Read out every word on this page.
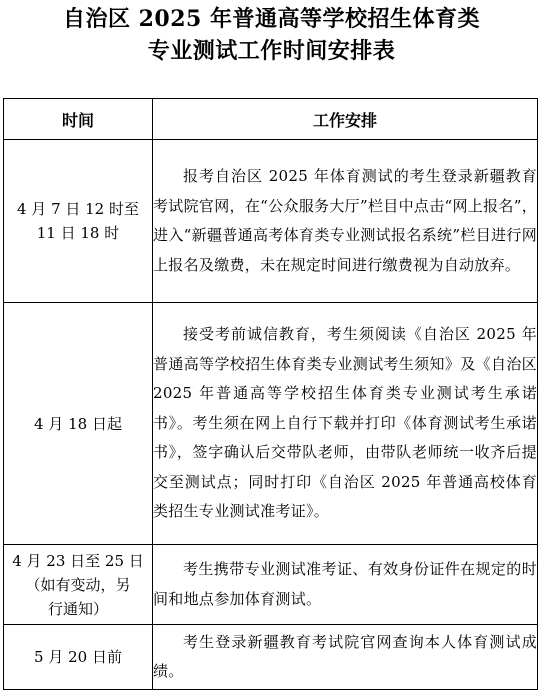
自治区 2025 年普通高等学校招生体育类
专业测试工作时间安排表
时间	工作安排

4 月 7 日 12 时至
11 日 18 时	报考自治区 2025 年体育测试的考生登录新疆教育考试院官网，在“公众服务大厅”栏目中点击“网上报名”，进入“新疆普通高考体育类专业测试报名系统”栏目进行网上报名及缴费，未在规定时间进行缴费视为自动放弃。

4 月 18 日起	接受考前诚信教育，考生须阅读《自治区 2025 年普通高等学校招生体育类专业测试考生须知》及《自治区 2025 年普通高等学校招生体育类专业测试考生承诺书》。考生须在网上自行下载并打印《体育测试考生承诺书》，签字确认后交带队老师，由带队老师统一收齐后提交至测试点；同时打印《自治区 2025 年普通高校体育类招生专业测试准考证》。

4 月 23 日至 25 日
（如有变动，另
行通知）	考生携带专业测试准考证、有效身份证件在规定的时间和地点参加体育测试。

5 月 20 日前	考生登录新疆教育考试院官网查询本人体育测试成绩。
